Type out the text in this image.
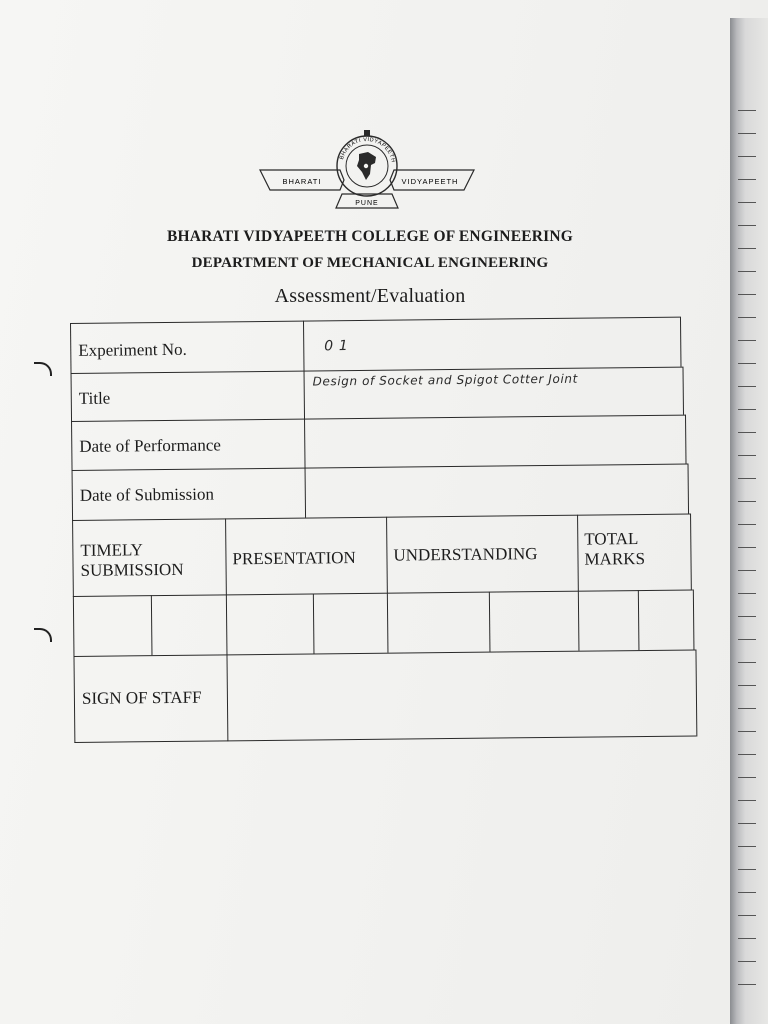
BHARATI	VIDYAPEETH
PUNE
BHARATI VIDYAPEETH
BHARATI VIDYAPEETH COLLEGE OF ENGINEERING
DEPARTMENT OF MECHANICAL ENGINEERING
Assessment/Evaluation
Experiment No.	0 1
Title
Design of Socket and Spigot Cotter Joint
Date of Performance
Date of Submission
TIMELY
SUBMISSION
PRESENTATION UNDERSTANDING
TOTAL
MARKS
SIGN OF STAFF
